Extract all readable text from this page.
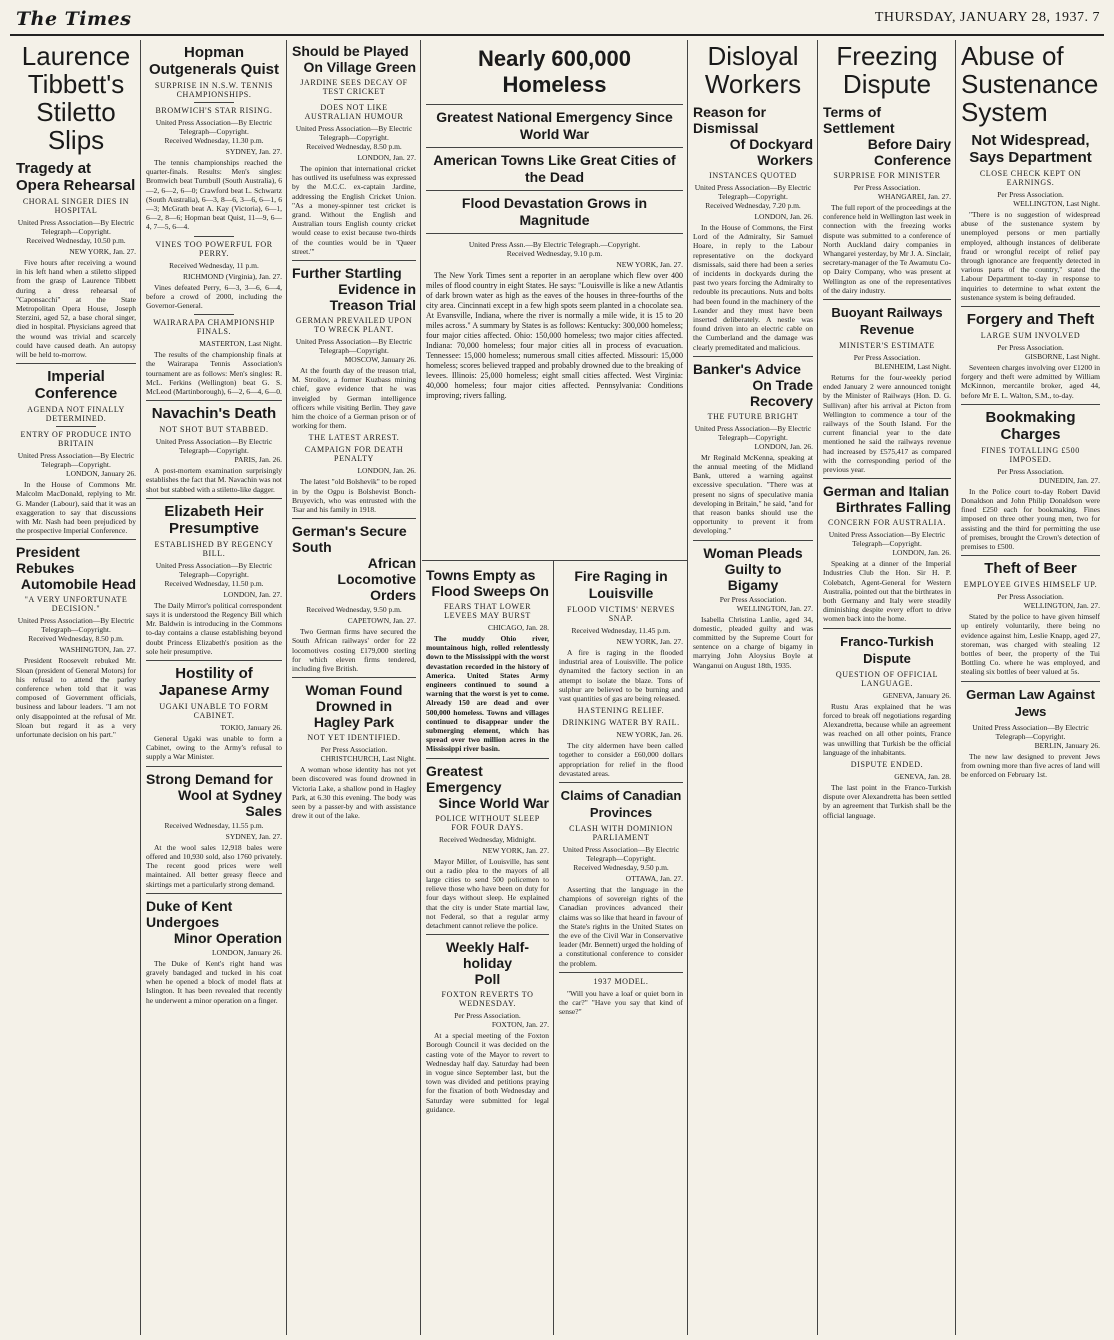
The Times	THURSDAY, JANUARY 28, 1937. 7
Laurence Tibbett's Stiletto Slips
Tragedy at Opera Rehearsal
CHORAL SINGER DIES IN HOSPITAL
United Press Association—By Electric Telegraph—Copyright.
Received Wednesday, 10.50 p.m.
NEW YORK, Jan. 27.

Five hours after receiving a wound in his left hand when a stiletto slipped from the grasp of Laurence Tibbett during a dress rehearsal of "Caponsacchi" at the State Metropolitan Opera House, Joseph Sterzini, aged 52, a base choral singer, died in hospital. Physicians agreed that the wound was trivial and scarcely could have caused death. An autopsy will be held to-morrow.

Imperial Conference
AGENDA NOT FINALLY DETERMINED.
ENTRY OF PRODUCE INTO BRITAIN
United Press Association—By Electric Telegraph—Copyright.
LONDON, January 26.

In the House of Commons Mr. Malcolm MacDonald, replying to Mr. G. Mander (Labour), said that it was an exaggeration to say that discussions with Mr. Nash had been prejudiced by the prospective Imperial Conference.

President Rebukes
Automobile Head
"A VERY UNFORTUNATE DECISION."
United Press Association—By Electric Telegraph—Copyright.
Received Wednesday, 8.50 p.m.
WASHINGTON, Jan. 27.

President Roosevelt rebuked Mr. Sloan (president of General Motors) for his refusal to attend the parley conference when told that it was composed of Government officials, business and labour leaders. "I am not only disappointed at the refusal of Mr. Sloan but regard it as a very unfortunate decision on his part."

Hopman Outgenerals Quist
SURPRISE IN N.S.W. TENNIS CHAMPIONSHIPS.
BROMWICH'S STAR RISING.
United Press Association—By Electric Telegraph—Copyright.
Received Wednesday, 11.30 p.m.
SYDNEY, Jan. 27.

The tennis championships reached the quarter-finals. Results: Men's singles: Bromwich beat Turnbull (South Australia), 6—2, 6—2, 6—0; Crawford beat L. Schwartz (South Australia), 6—3, 8—6, 3—6, 6—1, 6—3; McGrath beat A. Kay (Victoria), 6—1, 6—2, 8—6; Hopman beat Quist, 11—9, 6—4, 7—5, 6—4.

VINES TOO POWERFUL FOR PERRY.
Received Wednesday, 11 p.m.
RICHMOND (Virginia), Jan. 27.

Vines defeated Perry, 6—3, 3—6, 6—4, before a crowd of 2000, including the Governor-General.

WAIRARAPA CHAMPIONSHIP FINALS.
MASTERTON, Last Night.

The results of the championship finals at the Wairarapa Tennis Association's tournament are as follows: Men's singles: R. McL. Ferkins (Wellington) beat G. S. McLeod (Martinborough), 6—2, 6—4, 6—0.

Navachin's Death
NOT SHOT BUT STABBED.
United Press Association—By Electric Telegraph—Copyright.
PARIS, Jan. 26.

A post-mortem examination surprisingly establishes the fact that M. Navachin was not shot but stabbed with a stiletto-like dagger.

Elizabeth Heir Presumptive
ESTABLISHED BY REGENCY BILL.
United Press Association—By Electric Telegraph—Copyright.
Received Wednesday, 11.50 p.m.
LONDON, Jan. 27.

The Daily Mirror's political correspondent says it is understood the Regency Bill which Mr. Baldwin is introducing in the Commons to-day contains a clause establishing beyond doubt Princess Elizabeth's position as the sole heir presumptive.

Hostility of Japanese Army
UGAKI UNABLE TO FORM CABINET.
TOKIO, January 26.

General Ugaki was unable to form a Cabinet, owing to the Army's refusal to supply a War Minister.

Strong Demand for
Wool at Sydney Sales
Received Wednesday, 11.55 p.m.
SYDNEY, Jan. 27.

At the wool sales 12,918 bales were offered and 10,930 sold, also 1760 privately. The recent good prices were well maintained. All better greasy fleece and skirtings met a particularly strong demand.

Duke of Kent Undergoes
Minor Operation
LONDON, January 26.

The Duke of Kent's right hand was gravely bandaged and tucked in his coat when he opened a block of model flats at Islington. It has been revealed that recently he underwent a minor operation on a finger.

Should be Played
On Village Green
JARDINE SEES DECAY OF TEST CRICKET
DOES NOT LIKE AUSTRALIAN HUMOUR
United Press Association—By Electric Telegraph—Copyright.
Received Wednesday, 8.50 p.m.
LONDON, Jan. 27.

The opinion that international cricket has outlived its usefulness was expressed by the M.C.C. ex-captain Jardine, addressing the English Cricket Union. "As a money-spinner test cricket is grand. Without the English and Australian tours English county cricket would cease to exist because two-thirds of the counties would be in 'Queer street.'"

Further Startling
Evidence in Treason Trial
GERMAN PREVAILED UPON TO WRECK PLANT.
United Press Association—By Electric Telegraph—Copyright.
MOSCOW, January 26.

At the fourth day of the treason trial, M. Stroilov, a former Kuzbass mining chief, gave evidence that he was inveigled by German intelligence officers while visiting Berlin. They gave him the choice of a German prison or of working for them.

THE LATEST ARREST.
CAMPAIGN FOR DEATH PENALTY
LONDON, Jan. 26.

The latest "old Bolshevik" to be roped in by the Ogpu is Bolshevist Bonch-Bruyevich, who was entrusted with the Tsar and his family in 1918.

German's Secure South
African Locomotive Orders
Received Wednesday, 9.50 p.m.
CAPETOWN, Jan. 27.

Two German firms have secured the South African railways' order for 22 locomotives costing £179,000 sterling for which eleven firms tendered, including five British.

Woman Found Drowned in
Hagley Park
NOT YET IDENTIFIED.
Per Press Association.
CHRISTCHURCH, Last Night.

A woman whose identity has not yet been discovered was found drowned in Victoria Lake, a shallow pond in Hagley Park, at 6.30 this evening. The body was seen by a passer-by and with assistance drew it out of the lake.

Nearly 600,000 Homeless
Greatest National Emergency Since World War
American Towns Like Great Cities of the Dead
Flood Devastation Grows in Magnitude
United Press Assn.—By Electric Telegraph.—Copyright.
Received Wednesday, 9.10 p.m.
NEW YORK, Jan. 27.

The New York Times sent a reporter in an aeroplane which flew over 400 miles of flood country in eight States. He says: "Louisville is like a new Atlantis of dark brown water as high as the eaves of the houses in three-fourths of the city area. Cincinnati except in a few high spots seem planted in a chocolate sea. At Evansville, Indiana, where the river is normally a mile wide, it is 15 to 20 miles across." A summary by States is as follows: Kentucky: 300,000 homeless; four major cities affected. Ohio: 150,000 homeless; two major cities affected. Indiana: 70,000 homeless; four major cities all in process of evacuation. Tennessee: 15,000 homeless; numerous small cities affected. Missouri: 15,000 homeless; scores believed trapped and probably drowned due to the breaking of levees. Illinois: 25,000 homeless; eight small cities affected. West Virginia: 40,000 homeless; four major cities affected. Pennsylvania: Conditions improving; rivers falling.

Towns Empty as
Flood Sweeps On
FEARS THAT LOWER LEVEES MAY BURST
CHICAGO, Jan. 28.

The muddy Ohio river, mountainous high, rolled relentlessly down to the Mississippi with the worst devastation recorded in the history of America. United States Army engineers continued to sound a warning that the worst is yet to come. Already 150 are dead and over 500,000 homeless. Towns and villages continued to disappear under the submerging element, which has spread over two million acres in the Mississippi river basin.

Greatest Emergency
Since World War
POLICE WITHOUT SLEEP FOR FOUR DAYS.
Received Wednesday, Midnight.
NEW YORK, Jan. 27.

Mayor Miller, of Louisville, has sent out a radio plea to the mayors of all large cities to send 500 policemen to relieve those who have been on duty for four days without sleep. He explained that the city is under State martial law, not Federal, so that a regular army detachment cannot relieve the police.

Weekly Half-holiday
Poll
FOXTON REVERTS TO WEDNESDAY.
Per Press Association.
FOXTON, Jan. 27.

At a special meeting of the Foxton Borough Council it was decided on the casting vote of the Mayor to revert to Wednesday half day. Saturday had been in vogue since September last, but the town was divided and petitions praying for the fixation of both Wednesday and Saturday were submitted for legal guidance.

Fire Raging in Louisville
FLOOD VICTIMS' NERVES SNAP.
Received Wednesday, 11.45 p.m.
NEW YORK, Jan. 27.

A fire is raging in the flooded industrial area of Louisville. The police dynamited the factory section in an attempt to isolate the blaze. Tons of sulphur are believed to be burning and vast quantities of gas are being released.

HASTENING RELIEF.
DRINKING WATER BY RAIL.
NEW YORK, Jan. 26.

The city aldermen have been called together to consider a £60,000 dollars appropriation for relief in the flood devastated areas.

Claims of Canadian Provinces
CLASH WITH DOMINION PARLIAMENT
United Press Association—By Electric Telegraph—Copyright.
Received Wednesday, 9.50 p.m.
OTTAWA, Jan. 27.

Asserting that the language in the champions of sovereign rights of the Canadian provinces advanced their claims was so like that heard in favour of the State's rights in the United States on the eve of the Civil War in Conservative leader (Mr. Bennett) urged the holding of a constitutional conference to consider the problem.

1937 MODEL.

"Will you have a loaf or quiet born in the car?" "Have you say that kind of sense?"

Disloyal Workers
Reason for Dismissal
Of Dockyard Workers
INSTANCES QUOTED
United Press Association—By Electric Telegraph—Copyright.
Received Wednesday, 7.20 p.m.
LONDON, Jan. 26.

In the House of Commons, the First Lord of the Admiralty, Sir Samuel Hoare, in reply to the Labour representative on the dockyard dismissals, said there had been a series of incidents in dockyards during the past two years forcing the Admiralty to redouble its precautions. Nuts and bolts had been found in the machinery of the Leander and they must have been inserted deliberately. A nestle was found driven into an electric cable on the Cumberland and the damage was clearly premeditated and malicious.

Banker's Advice
On Trade Recovery
THE FUTURE BRIGHT
United Press Association—By Electric Telegraph—Copyright.
LONDON, Jan. 26.

Mr Reginald McKenna, speaking at the annual meeting of the Midland Bank, uttered a warning against excessive speculation. "There was at present no signs of speculative mania developing in Britain," he said, "and for that reason banks should use the opportunity to prevent it from developing."

Woman Pleads Guilty to
Bigamy
Per Press Association.
WELLINGTON, Jan. 27.

Isabella Christina Lanlie, aged 34, domestic, pleaded guilty and was committed by the Supreme Court for sentence on a charge of bigamy in marrying John Aloysius Boyle at Wanganui on August 18th, 1935.

Freezing Dispute
Terms of Settlement
Before Dairy Conference
SURPRISE FOR MINISTER
Per Press Association.
WHANGAREI, Jan. 27.

The full report of the proceedings at the conference held in Wellington last week in connection with the freezing works dispute was submitted to a conference of North Auckland dairy companies in Whangarei yesterday, by Mr J. A. Sinclair, secretary-manager of the Te Awamutu Co-op Dairy Company, who was present at Wellington as one of the representatives of the dairy industry.

Buoyant Railways Revenue
MINISTER'S ESTIMATE
Per Press Association.
BLENHEIM, Last Night.

Returns for the four-weekly period ended January 2 were announced tonight by the Minister of Railways (Hon. D. G. Sullivan) after his arrival at Picton from Wellington to commence a tour of the railways of the South Island. For the current financial year to the date mentioned he said the railways revenue had increased by £575,417 as compared with the corresponding period of the previous year.

German and Italian
Birthrates Falling
CONCERN FOR AUSTRALIA.
United Press Association—By Electric Telegraph—Copyright.
LONDON, Jan. 26.

Speaking at a dinner of the Imperial Industries Club the Hon. Sir H. P. Colebatch, Agent-General for Western Australia, pointed out that the birthrates in both Germany and Italy were steadily diminishing despite every effort to drive women back into the home.

Franco-Turkish Dispute
QUESTION OF OFFICIAL LANGUAGE.
GENEVA, January 26.

Rustu Aras explained that he was forced to break off negotiations regarding Alexandretta, because while an agreement was reached on all other points, France was unwilling that Turkish be the official language of the inhabitants.

DISPUTE ENDED.
GENEVA, Jan. 28.

The last point in the Franco-Turkish dispute over Alexandretta has been settled by an agreement that Turkish shall be the official language.

Abuse of Sustenance System
Not Widespread, Says Department
CLOSE CHECK KEPT ON EARNINGS.
Per Press Association.
WELLINGTON, Last Night.

"There is no suggestion of widespread abuse of the sustenance system by unemployed persons or men partially employed, although instances of deliberate fraud or wrongful receipt of relief pay through ignorance are frequently detected in various parts of the country," stated the Labour Department to-day in response to inquiries to determine to what extent the sustenance system is being defrauded.

Forgery and Theft
LARGE SUM INVOLVED
Per Press Association.
GISBORNE, Last Night.

Seventeen charges involving over £1200 in forgery and theft were admitted by William McKinnon, mercantile broker, aged 44, before Mr E. L. Walton, S.M., to-day.

Bookmaking Charges
FINES TOTALLING £500 IMPOSED.
Per Press Association.
DUNEDIN, Jan. 27.

In the Police court to-day Robert David Donaldson and John Philip Donaldson were fined £250 each for bookmaking. Fines imposed on three other young men, two for assisting and the third for permitting the use of premises, brought the Crown's detection of premises to £500.

Theft of Beer
EMPLOYEE GIVES HIMSELF UP.
Per Press Association.
WELLINGTON, Jan. 27.

Stated by the police to have given himself up entirely voluntarily, there being no evidence against him, Leslie Knapp, aged 27, storeman, was charged with stealing 12 bottles of beer, the property of the Tui Bottling Co. where he was employed, and stealing six bottles of beer valued at 5s.

German Law Against Jews
United Press Association—By Electric Telegraph—Copyright.
BERLIN, January 26.

The new law designed to prevent Jews from owning more than five acres of land will be enforced on February 1st.
